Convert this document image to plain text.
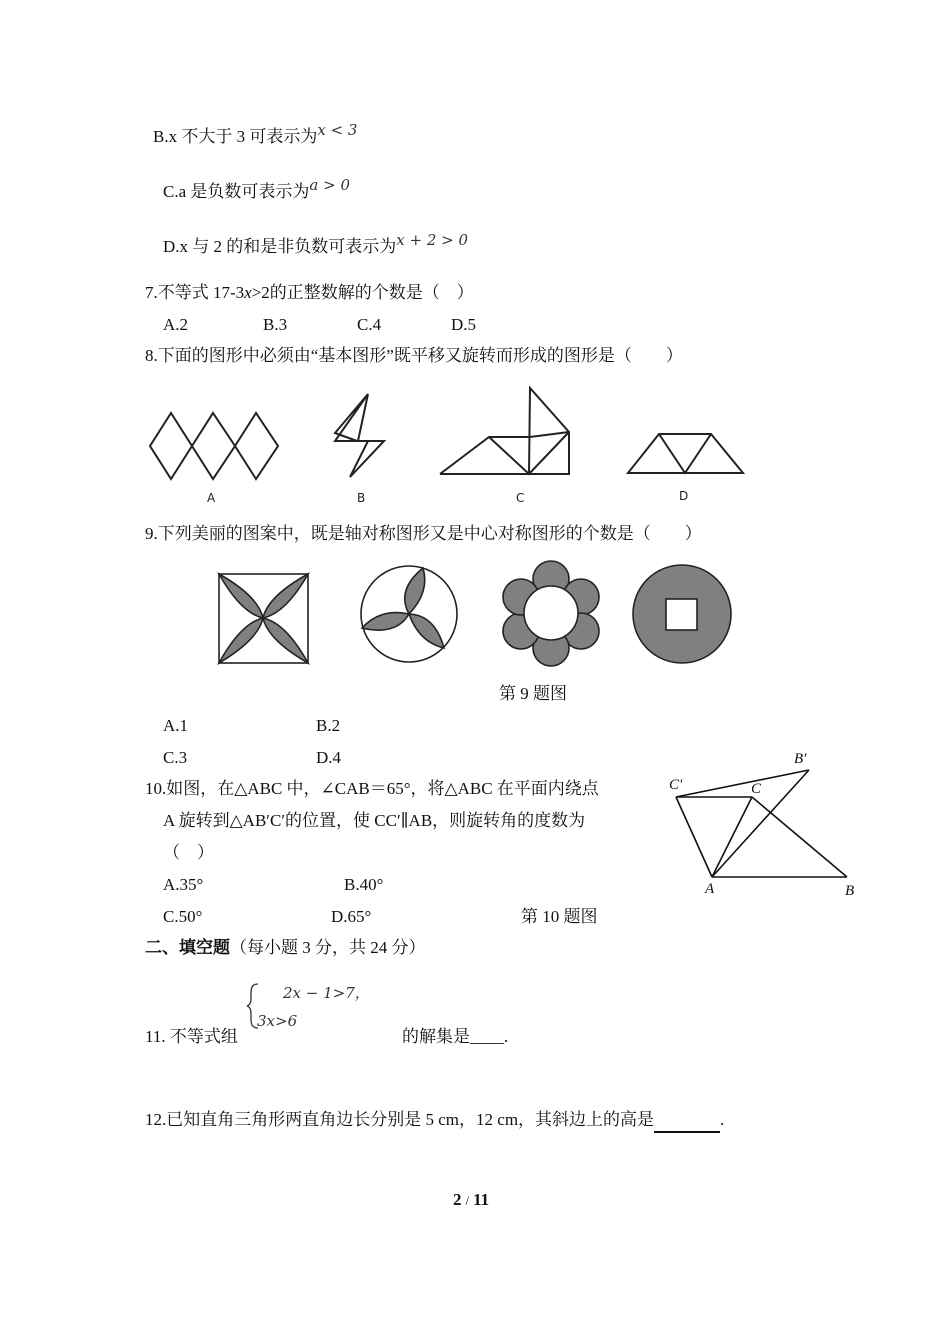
B.x 不大于 3 可表示为x < 3
C.a 是负数可表示为a > 0
D.x 与 2 的和是非负数可表示为x + 2 > 0
7.不等式 17-3x>2的正整数解的个数是（　）
A.2	B.3	C.4	D.5
8.下面的图形中必须由“基本图形”既平移又旋转而形成的图形是（　　）
A	B	C	D
9.下列美丽的图案中，既是轴对称图形又是中心对称图形的个数是（　　）
第 9 题图
A.1	B.2
C.3	D.4
10.如图，在△ABC 中，∠CAB＝65°，将△ABC 在平面内绕点
A 旋转到△AB′C′的位置，使 CC′∥AB，则旋转角的度数为
（　）
A.35°	B.40°
C.50°	D.65°	第 10 题图
B′
C′	C
A	B
二、填空题（每小题 3 分，共 24 分）
2x − 1>7，
3x>6
11. 不等式组	的解集是____.
12.已知直角三角形两直角边长分别是 5 cm，12 cm，其斜边上的高是	.
2 / 11
